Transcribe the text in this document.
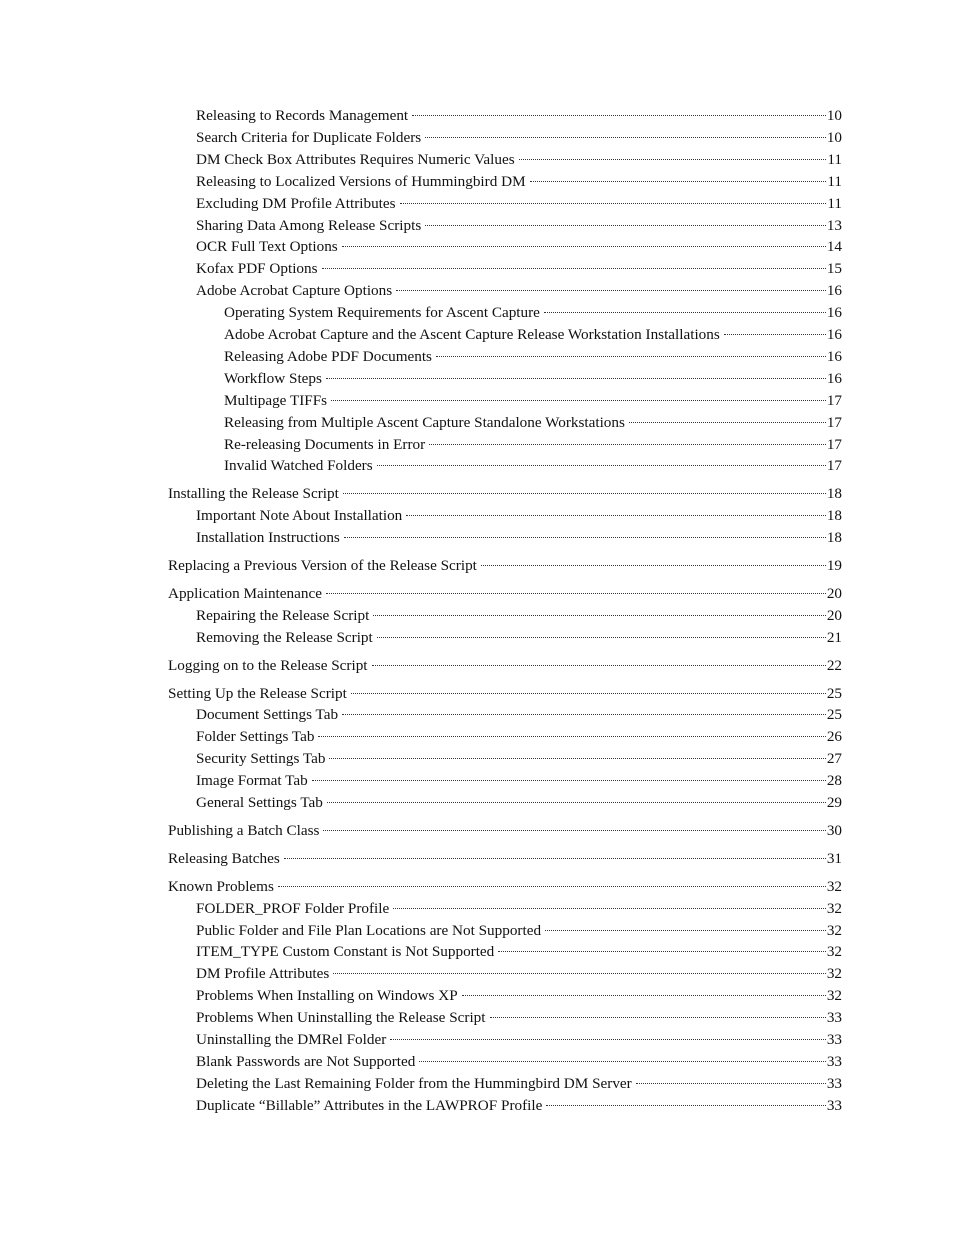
Releasing to Records Management	10
Search Criteria for Duplicate Folders	10
DM Check Box Attributes Requires Numeric Values	11
Releasing to Localized Versions of Hummingbird DM	11
Excluding DM Profile Attributes	11
Sharing Data Among Release Scripts	13
OCR Full Text Options	14
Kofax PDF Options	15
Adobe Acrobat Capture Options	16
Operating System Requirements for Ascent Capture	16
Adobe Acrobat Capture and the Ascent Capture Release Workstation Installations	16
Releasing Adobe PDF Documents	16
Workflow Steps	16
Multipage TIFFs	17
Releasing from Multiple Ascent Capture Standalone Workstations	17
Re-releasing Documents in Error	17
Invalid Watched Folders	17
Installing the Release Script	18
Important Note About Installation	18
Installation Instructions	18
Replacing a Previous Version of the Release Script	19
Application Maintenance	20
Repairing the Release Script	20
Removing the Release Script	21
Logging on to the Release Script	22
Setting Up the Release Script	25
Document Settings Tab	25
Folder Settings Tab	26
Security Settings Tab	27
Image Format Tab	28
General Settings Tab	29
Publishing a Batch Class	30
Releasing Batches	31
Known Problems	32
FOLDER_PROF Folder Profile	32
Public Folder and File Plan Locations are Not Supported	32
ITEM_TYPE Custom Constant is Not Supported	32
DM Profile Attributes	32
Problems When Installing on Windows XP	32
Problems When Uninstalling the Release Script	33
Uninstalling the DMRel Folder	33
Blank Passwords are Not Supported	33
Deleting the Last Remaining Folder from the Hummingbird DM Server	33
Duplicate “Billable” Attributes in the LAWPROF Profile	33
